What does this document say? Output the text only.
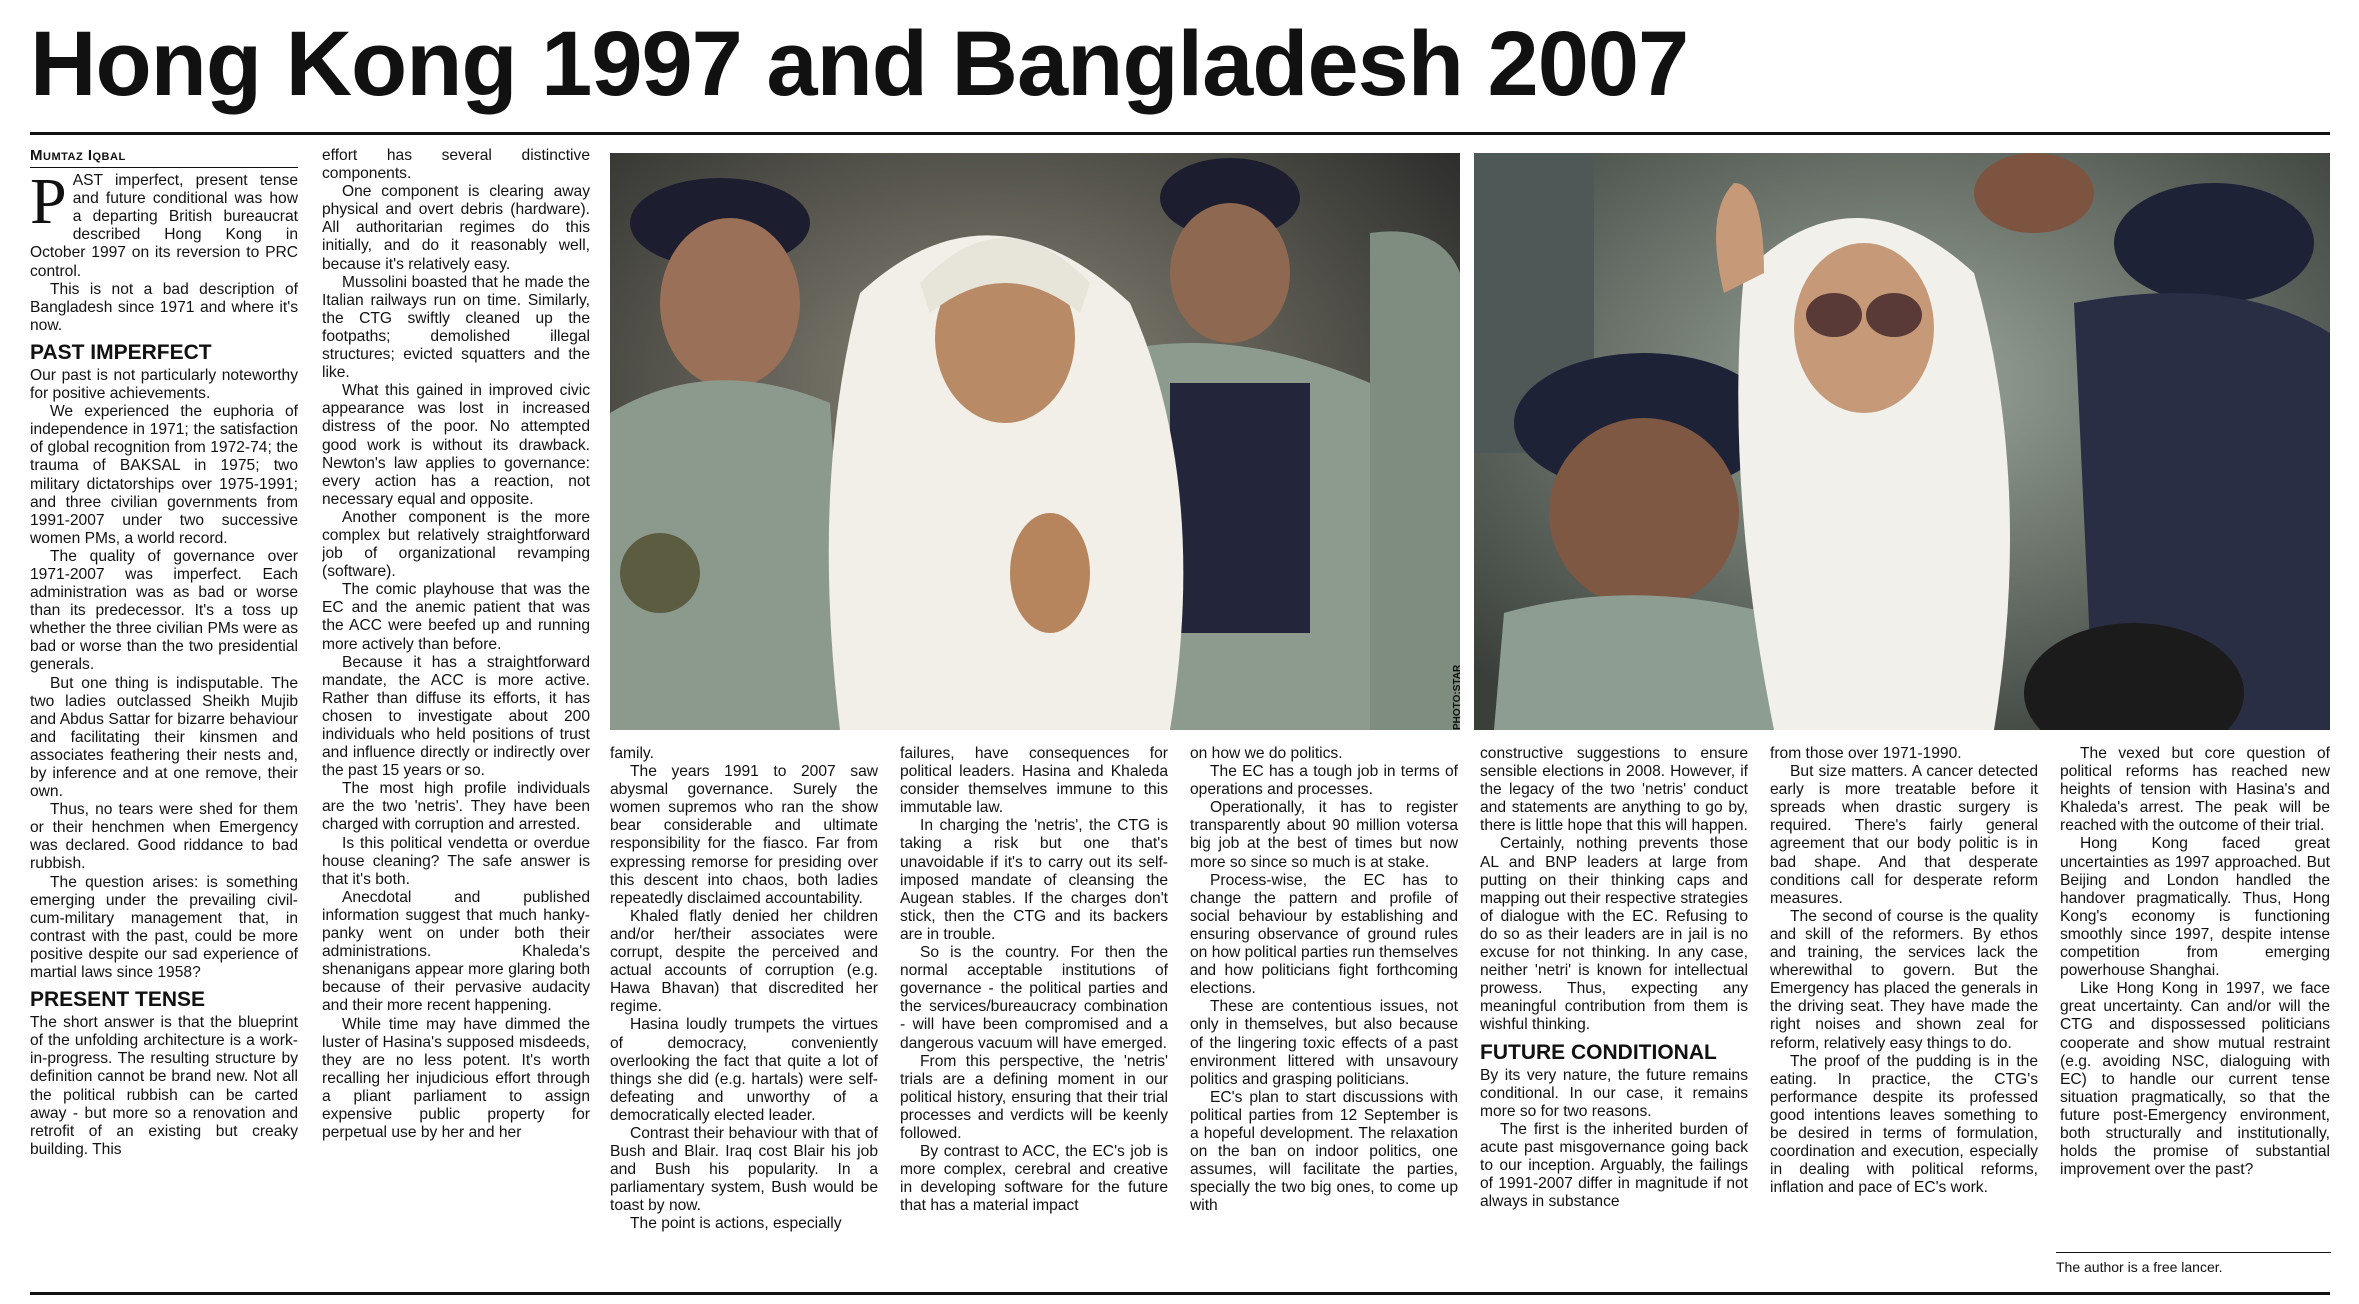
Hong Kong 1997 and Bangladesh 2007
Mumtaz Iqbal

PAST imperfect, present tense and future conditional was how a departing British bureaucrat described Hong Kong in October 1997 on its reversion to PRC control.

This is not a bad description of Bangladesh since 1971 and where it's now.

PAST IMPERFECT

Our past is not particularly noteworthy for positive achievements.

We experienced the euphoria of independence in 1971; the satisfaction of global recognition from 1972-74; the trauma of BAKSAL in 1975; two military dictatorships over 1975-1991; and three civilian governments from 1991-2007 under two successive women PMs, a world record.

The quality of governance over 1971-2007 was imperfect. Each administration was as bad or worse than its predecessor. It's a toss up whether the three civilian PMs were as bad or worse than the two presidential generals.

But one thing is indisputable. The two ladies outclassed Sheikh Mujib and Abdus Sattar for bizarre behaviour and facilitating their kinsmen and associates feathering their nests and, by inference and at one remove, their own.

Thus, no tears were shed for them or their henchmen when Emergency was declared. Good riddance to bad rubbish.

The question arises: is something emerging under the prevailing civil-cum-military management that, in contrast with the past, could be more positive despite our sad experience of martial laws since 1958?

PRESENT TENSE

The short answer is that the blueprint of the unfolding architecture is a work-in-progress. The resulting structure by definition cannot be brand new. Not all the political rubbish can be carted away - but more so a renovation and retrofit of an existing but creaky building. This

effort has several distinctive components.

One component is clearing away physical and overt debris (hardware). All authoritarian regimes do this initially, and do it reasonably well, because it's relatively easy.

Mussolini boasted that he made the Italian railways run on time. Similarly, the CTG swiftly cleaned up the footpaths; demolished illegal structures; evicted squatters and the like.

What this gained in improved civic appearance was lost in increased distress of the poor. No attempted good work is without its drawback. Newton's law applies to governance: every action has a reaction, not necessary equal and opposite.

Another component is the more complex but relatively straightforward job of organizational revamping (software).

The comic playhouse that was the EC and the anemic patient that was the ACC were beefed up and running more actively than before.

Because it has a straightforward mandate, the ACC is more active. Rather than diffuse its efforts, it has chosen to investigate about 200 individuals who held positions of trust and influence directly or indirectly over the past 15 years or so.

The most high profile individuals are the two 'netris'. They have been charged with corruption and arrested.

Is this political vendetta or overdue house cleaning? The safe answer is that it's both.

Anecdotal and published information suggest that much hanky-panky went on under both their administrations. Khaleda's shenanigans appear more glaring both because of their pervasive audacity and their more recent happening.

While time may have dimmed the luster of Hasina's supposed misdeeds, they are no less potent. It's worth recalling her injudicious effort through a pliant parliament to assign expensive public property for perpetual use by her and her

PHOTO:STAR

family.

The years 1991 to 2007 saw abysmal governance. Surely the women supremos who ran the show bear considerable and ultimate responsibility for the fiasco. Far from expressing remorse for presiding over this descent into chaos, both ladies repeatedly disclaimed accountability.

Khaled flatly denied her children and/or her/their associates were corrupt, despite the perceived and actual accounts of corruption (e.g. Hawa Bhavan) that discredited her regime.

Hasina loudly trumpets the virtues of democracy, conveniently overlooking the fact that quite a lot of things she did (e.g. hartals) were self-defeating and unworthy of a democratically elected leader.

Contrast their behaviour with that of Bush and Blair. Iraq cost Blair his job and Bush his popularity. In a parliamentary system, Bush would be toast by now.

The point is actions, especially

failures, have consequences for political leaders. Hasina and Khaleda consider themselves immune to this immutable law.

In charging the 'netris', the CTG is taking a risk but one that's unavoidable if it's to carry out its self-imposed mandate of cleansing the Augean stables. If the charges don't stick, then the CTG and its backers are in trouble.

So is the country. For then the normal acceptable institutions of governance - the political parties and the services/bureaucracy combination - will have been compromised and a dangerous vacuum will have emerged.

From this perspective, the 'netris' trials are a defining moment in our political history, ensuring that their trial processes and verdicts will be keenly followed.

By contrast to ACC, the EC's job is more complex, cerebral and creative in developing software for the future that has a material impact

on how we do politics.

The EC has a tough job in terms of operations and processes.

Operationally, it has to register transparently about 90 million votersa big job at the best of times but now more so since so much is at stake.

Process-wise, the EC has to change the pattern and profile of social behaviour by establishing and ensuring observance of ground rules on how political parties run themselves and how politicians fight forthcoming elections.

These are contentious issues, not only in themselves, but also because of the lingering toxic effects of a past environment littered with unsavoury politics and grasping politicians.

EC's plan to start discussions with political parties from 12 September is a hopeful development. The relaxation on the ban on indoor politics, one assumes, will facilitate the parties, specially the two big ones, to come up with

constructive suggestions to ensure sensible elections in 2008. However, if the legacy of the two 'netris' conduct and statements are anything to go by, there is little hope that this will happen.

Certainly, nothing prevents those AL and BNP leaders at large from putting on their thinking caps and mapping out their respective strategies of dialogue with the EC. Refusing to do so as their leaders are in jail is no excuse for not thinking. In any case, neither 'netri' is known for intellectual prowess. Thus, expecting any meaningful contribution from them is wishful thinking.

FUTURE CONDITIONAL

By its very nature, the future remains conditional. In our case, it remains more so for two reasons.

The first is the inherited burden of acute past misgovernance going back to our inception. Arguably, the failings of 1991-2007 differ in magnitude if not always in substance

from those over 1971-1990.

But size matters. A cancer detected early is more treatable before it spreads when drastic surgery is required. There's fairly general agreement that our body politic is in bad shape. And that desperate conditions call for desperate reform measures.

The second of course is the quality and skill of the reformers. By ethos and training, the services lack the wherewithal to govern. But the Emergency has placed the generals in the driving seat. They have made the right noises and shown zeal for reform, relatively easy things to do.

The proof of the pudding is in the eating. In practice, the CTG's performance despite its professed good intentions leaves something to be desired in terms of formulation, coordination and execution, especially in dealing with political reforms, inflation and pace of EC's work.

The vexed but core question of political reforms has reached new heights of tension with Hasina's and Khaleda's arrest. The peak will be reached with the outcome of their trial.

Hong Kong faced great uncertainties as 1997 approached. But Beijing and London handled the handover pragmatically. Thus, Hong Kong's economy is functioning smoothly since 1997, despite intense competition from emerging powerhouse Shanghai.

Like Hong Kong in 1997, we face great uncertainty. Can and/or will the CTG and dispossessed politicians cooperate and show mutual restraint (e.g. avoiding NSC, dialoguing with EC) to handle our current tense situation pragmatically, so that the future post-Emergency environment, both structurally and institutionally, holds the promise of substantial improvement over the past?

The author is a free lancer.
